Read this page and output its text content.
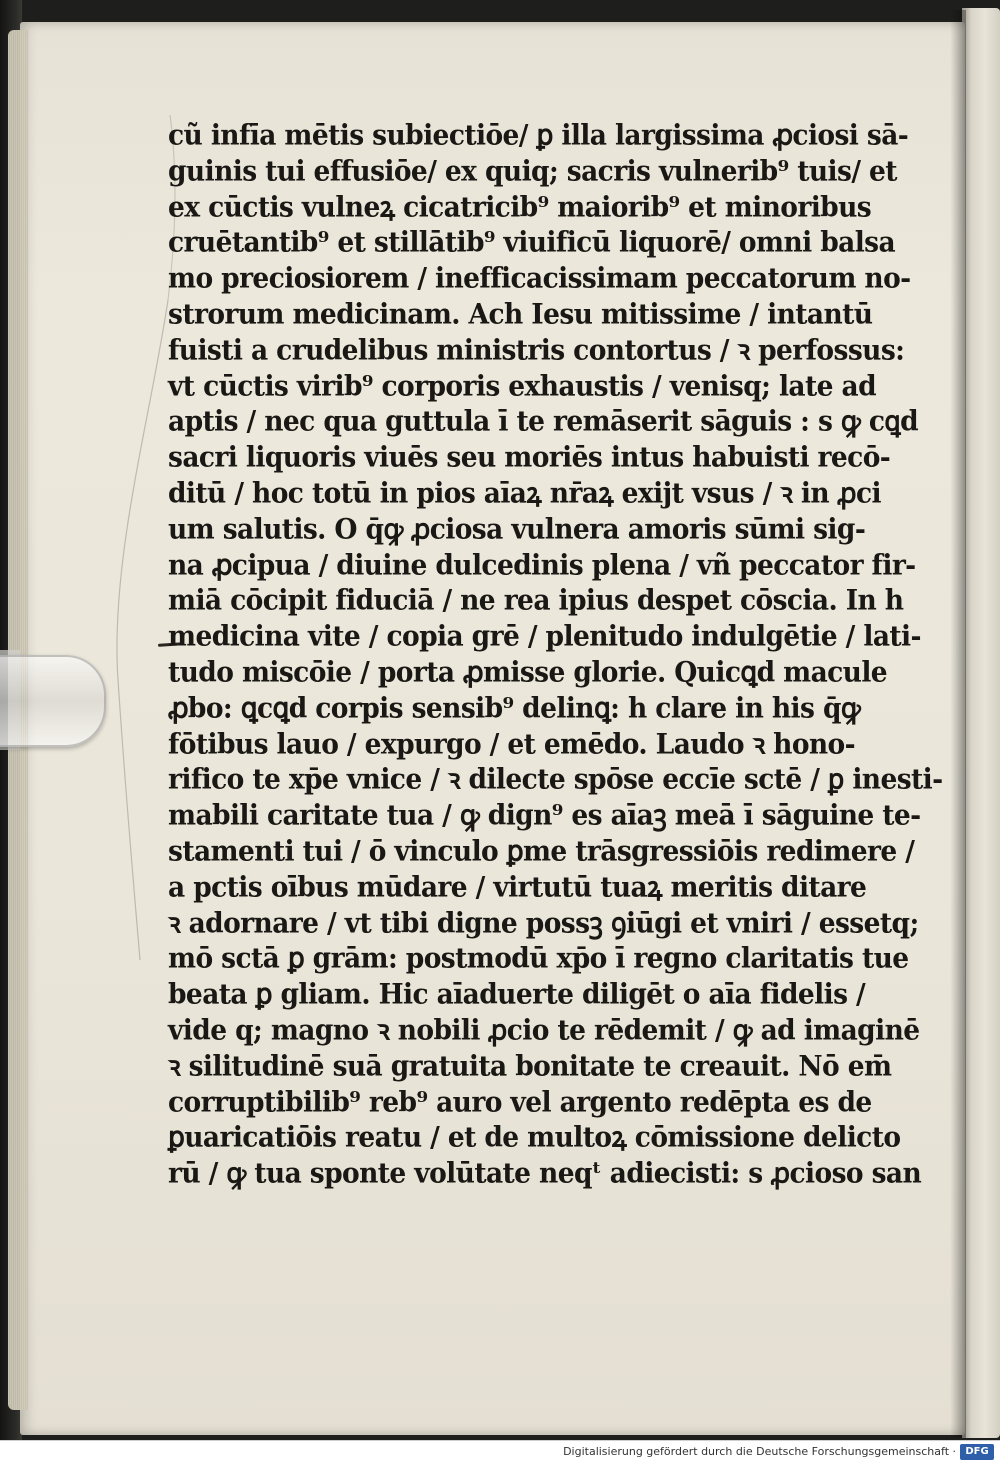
cũ infīa mētis subiectiōe/ ꝑ illa largissima ꝓciosi sā-
guinis tui effusiōe/ ex quiq; sacris vulnerib⁹ tuis/ et
ex cūctis vulneꝝ cicatricib⁹ maiorib⁹ et minoribus
cruētantib⁹ et stillātib⁹ viuificū liquorē/ omni balsa
mo preciosiorem / inefficacissimam peccatorum no-
strorum medicinam. Ach Iesu mitissime / intantū
fuisti a crudelibus ministris contortus / ꝛ perfossus:
vt cūctis virib⁹ corporis exhaustis / venisq; late ad
aptis / nec qua guttula ī te remāserit sāguis : s ꝙ cꝗd
sacri liquoris viuēs seu moriēs intus habuisti recō-
ditū / hoc totū in pios aīaꝝ nr̄aꝝ exijt vsus / ꝛ in ꝓci
um salutis. O q̄ꝙ ꝓciosa vulnera amoris sūmi sig-
na ꝓcipua / diuine dulcedinis plena / vñ peccator fir-
miā cōcipit fiduciā / ne rea ipius despet cōscia. In h
medicina vite / copia grē / plenitudo indulgētie / lati-
tudo miscōie / porta ꝓmisse glorie. Quicꝗd macule
ꝓbo: ꝗcꝗd corpis sensib⁹ delinꝗ: h clare in his q̄ꝙ
fōtibus lauo / expurgo / et emēdo. Laudo ꝛ hono-
rifico te xp̄e vnice / ꝛ dilecte spōse eccīe sctē / ꝑ inesti-
mabili caritate tua / ꝙ dign⁹ es aīaꝫ meā ī sāguine te-
stamenti tui / ō vinculo ꝑme trāsgressiōis redimere /
a pctis oībus mūdare / virtutū tuaꝝ meritis ditare
ꝛ adornare / vt tibi digne possꝫ ꝯiūgi et vniri / essetq;
mō sctā ꝑ grām: postmodū xp̄o ī regno claritatis tue
beata ꝑ gliam. Hic aīaduerte diligēt o aīa fidelis /
vide q; magno ꝛ nobili ꝓcio te rēdemit / ꝙ ad imaginē
ꝛ silitudinē suā gratuita bonitate te creauit. Nō em̄
corruptibilib⁹ reb⁹ auro vel argento redēpta es de
ꝑuaricatiōis reatu / et de multoꝝ cōmissione delicto
rū / ꝙ tua sponte volūtate neqᵗ adiecisti: s ꝓcioso san
Digitalisierung gefördert durch die Deutsche Forschungsgemeinschaft · DFG
